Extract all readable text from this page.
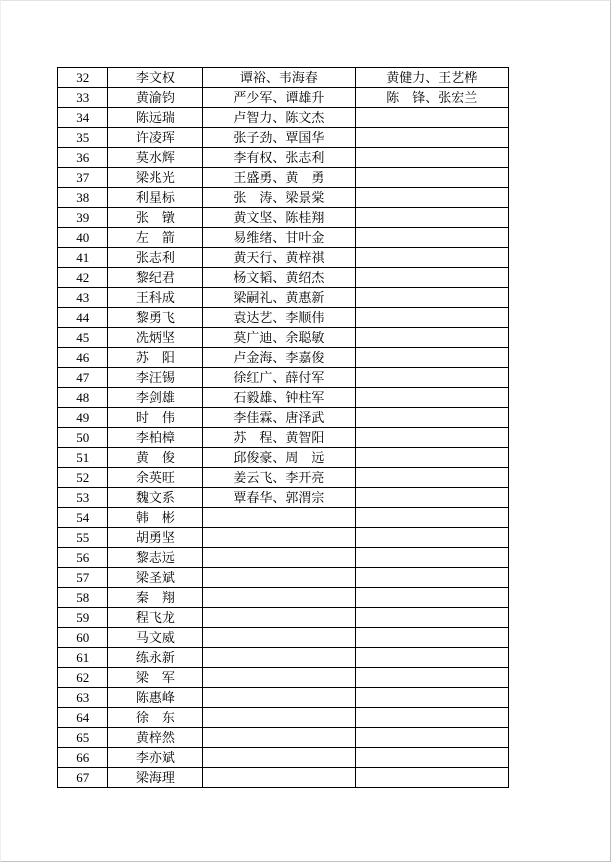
32	李文权	谭裕、韦海春	黄健力、王艺桦
33	黄渝钧	严少军、谭雄升	陈　锋、张宏兰
34	陈远瑞	卢智力、陈文杰	
35	许凌珲	张子劲、覃国华	
36	莫水辉	李有权、张志利	
37	梁兆光	王盛勇、黄　勇	
38	利星标	张　涛、梁景棠	
39	张　镦	黄文坚、陈桂翔	
40	左　箭	易维绪、甘叶金	
41	张志利	黄天行、黄梓祺	
42	黎纪君	杨文韬、黄绍杰	
43	王科成	梁嗣礼、黄惠新	
44	黎勇飞	袁达艺、李顺伟	
45	冼炳坚	莫广迪、余聪敏	
46	苏　阳	卢金海、李嘉俊	
47	李汪锡	徐红广、薛付军	
48	李剑雄	石毅雄、钟柱军	
49	时　伟	李佳霖、唐泽武	
50	李柏樟	苏　程、黄智阳	
51	黄　俊	邱俊豪、周　远	
52	余英旺	姜云飞、李开亮	
53	魏文系	覃春华、郭渭宗	
54	韩　彬		
55	胡勇坚		
56	黎志远		
57	梁圣斌		
58	秦　翔		
59	程飞龙		
60	马文威		
61	练永新		
62	梁　军		
63	陈惠峰		
64	徐　东		
65	黄梓然		
66	李亦斌		
67	梁海理		
